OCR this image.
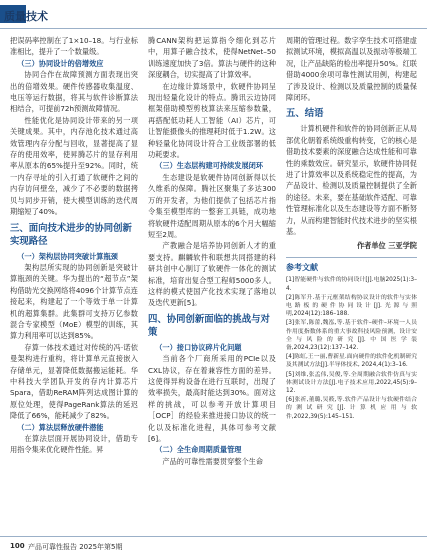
质量技术

把误码率控制在了1×10–18。与行业标准相比，提升了一个数量级。

（三）协同设计的倍增效应

协同合作在故障预测方面表现出突出的倍增效果。硬件传感器收集温度、电压等运行数据，将其与软件诊断算法相结合，可提前72h预测故障情况。

性能优化是协同设计带来的另一项关键成果。其中，内存池化技术通过高效管理内存分配与回收，显著提高了显存的使用效率，使昇腾芯片的显存利用率从原本的65%提升至92%。同时，统一内存寻址的引入打通了软硬件之间的内存访问壁垒，减少了不必要的数据拷贝与同步开销，使大模型训练的迭代周期缩短了40%。

三、面向技术进步的协同创新实现路径
（一）架构层协同突破计算瓶颈

架构层所实现的协同创新是突破计算瓶颈的关键。华为提出的“超节点”架构借助光交换网络将4096个计算节点连接起来，构建起了一个等效于单一计算机的超算集群。此集群可支持万亿参数混合专家模型（MoE）模型的训练，其算力利用率可以达到85%。

存算一体技术通过对传统的冯·诺依曼架构进行重构，将计算单元直接嵌入存储单元，显著降低数据搬运能耗。华中科技大学团队开发的存内计算芯片Spara，借助ReRAM阵列达成图计算的原位处理，使得PageRank算法的延迟降低了66%，能耗减少了82%。

（二）算法层释放硬件潜能

在算法层面开展协同设计，借助专用指令集来优化硬件性能。昇

腾CANN架构把运算指令细化到芯片中，用算子融合技术，使得NetNet–50训练速度加快了3倍。算法与硬件的这种深度耦合，切实提高了计算效率。

在边缘计算场景中，软硬件协同呈现出轻量化设计的特点。腾讯云边协同框架借助模型剪枝算法来压缩参数量，再搭配低功耗人工智能（AI）芯片，可让智能摄像头的推理耗时低于1.2W。这种轻量化协同设计符合工业级部署的低功耗要求。

（三）生态层构建可持续发展闭环

生态建设是软硬件协同创新得以长久维系的保障。腾社区聚集了多达300万的开发者，为他们提供了包括芯片指令集至模型库的一整套工具链，成功地将软硬件适配周期从原本的6个月大幅缩短至2周。

产教融合是培养协同创新人才的重要支持。麒麟软件和联想共同搭建的科研共创中心制订了软硬件一体化的测试标准，培育出复合型工程师5000多人。这样的模式使国产化技术实现了落地以及迭代更新[5]。

四、协同创新面临的挑战与对策
（一）接口协议碎片化问题

当前各个厂商所采用的PCIe以及CXL协议，存在着兼容性方面的差异。这使得异构设备在进行互联时，出现了效率损失，最高时能达到30%。面对这样的挑战，可以参考开放计算项目［OCP］的经验来推进接口协议的统一化以及标准化进程，具体可参考文献[6]。

（二）全生命周期质量管理

产品的可靠性需要贯穿整个生命

周期的管理过程。数字孪生技术可搭建虚拟测试环境，模拟高温以及振动等极端工况，让产品缺陷的检出率提升50%。红联借助4000余项可靠性测试用例，构建起了涉及设计、检测以及质量控制的质量保障闭环。

五、结语

计算机硬件和软件的协同创新正从局部优化朝着系统级重构转变，它的核心是借助技术要素的深度融合达成性能和可靠性的乘数效应。研究显示，软硬件协同促进了计算效率以及系统稳定性的提高，为产品设计、检测以及质量控制提供了全新的途径。未来，要在基础软件适配、可靠性管理标准化以及生态建设等方面不断努力，从而构建智能时代技术进步的坚实根基。

作者单位 三亚学院
参考文献
[1]智能硬件与软件的协同设计[J].电脑2025(1):3–4.
[2]陈军升.基于元框架结构协议设计的软件与实体电路板的硬件协同设计[J].光源与照明,2024(12):186–188.
[3]张军,陈蕾,魏泓,等.基于软件–硬件–环境一人员作用度指数体系的重大事故科技风险预测，设计安全与风险的研究[J].中国医学装备,2024,23(12):137–142.
[4]陈虹,王一丽,曹新星.面向硬件的软件化机制研究及其测试方法[J].半导体技术, 2024,4(1):3–16.
[5]刘维,张孟伟,吴俊,等.全周期融合软件仿真与实体测试设计方法[J].电子技术应用,2022,45(5):9–12.
[6]张祈,董璐,吴筱,等.软件产品设计与软硬件结合的测试研究[J].计算机应用与软件,2022,39(5):145–151.
100 产品可靠性报告 2025年第5期
